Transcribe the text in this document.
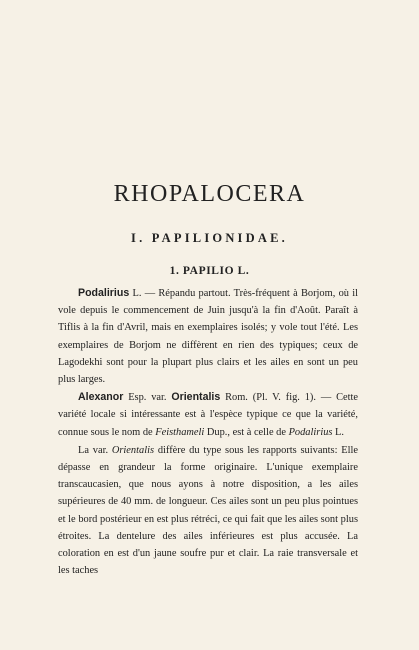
RHOPALOCERA
I. PAPILIONIDAE.
1. PAPILIO L.

Podalirius L. — Répandu partout. Très-fréquent à Borjom, où il vole depuis le commencement de Juin jusqu'à la fin d'Août. Paraît à Tiflis à la fin d'Avril, mais en exemplaires isolés; y vole tout l'été. Les exemplaires de Borjom ne diffèrent en rien des typiques; ceux de Lagodekhi sont pour la plupart plus clairs et les ailes en sont un peu plus larges.

Alexanor Esp. var. Orientalis Rom. (Pl. V. fig. 1). — Cette variété locale si intéressante est à l'espèce typique ce que la variété, connue sous le nom de Feisthameli Dup., est à celle de Podalirius L.

La var. Orientalis diffère du type sous les rapports suivants: Elle dépasse en grandeur la forme originaire. L'unique exemplaire transcaucasien, que nous ayons à notre disposition, a les ailes supérieures de 40 mm. de longueur. Ces ailes sont un peu plus pointues et le bord postérieur en est plus rétréci, ce qui fait que les ailes sont plus étroites. La dentelure des ailes inférieures est plus accusée. La coloration en est d'un jaune soufre pur et clair. La raie transversale et les taches
